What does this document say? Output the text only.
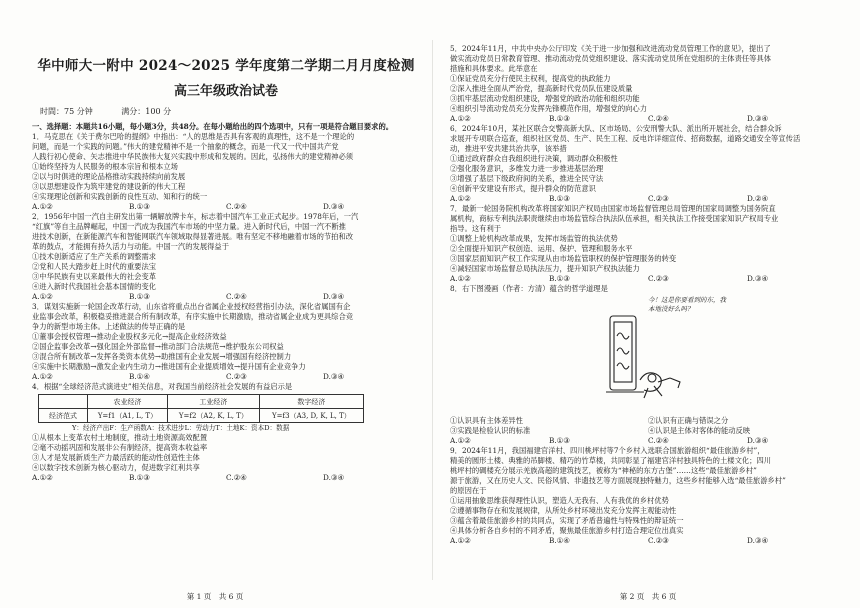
华中师大一附中 2024～2025 学年度第二学期二月月度检测
高三年级政治试卷
时間：75 分钟	满分：100 分
一、选择题：本题共16小题，每小题3分，共48分。在每小题给出的四个选项中，只有一项是符合题目要求的。

1．马克思在《关于费尔巴哈的提纲》中指出：“人的思维是否具有客观的真理性，这不是一个理论的

问题，而是一个实践的问题。”伟大的建党精神不是一个抽象的概念，而是一代又一代中国共产党

人践行初心使命、矢志推进中华民族伟大复兴实践中形成和发展的。因此，弘扬伟大的建党精神必须

①始终坚持为人民服务的根本宗旨和根本立场

②以与时俱进的理论品格推动实践持续向前发展

③以思想建设作为筑牢建党的建设新的伟大工程

④实现理论创新和实践创新的良性互动、知和行的统一

A.①②	B.①③	C.②④	D.③④

2．1956年中国一汽自主研发出第一辆解放牌卡车，标志着中国汽车工业正式起步。1978年后，一汽

“红旗”等自主品牌崛起，中国一汽成为我国汽车市场的中坚力量。进入新时代后，中国一汽不断推

进技术创新，在新能源汽车和智能网联汽车领域取得显著进展。唯有坚定不移地融着市场的节拍和改

革的鼓点，才能拥有持久活力与动能。中国一汽的发展得益于

①技术创新适应了生产关系的调整需求

②党和人民大踏步赶上时代的重要法宝

③中华民族有史以来最伟大的社会变革

④进入新时代我国社会基本国情的变化

A.①②	B.①③	C.②④	D.③④

3．谋划实施新一轮国企改革行动，山东省将重点出台省属企业授权经营指引办法，深化省属国有企

业监事会改革，积极稳妥推进混合所有制改革，有序实施中长期激励，推动省属企业成为更具综合竞

争力的新型市场主体。上述做法的传导正确的是

①董事会授权管理→推动企业股权多元化→提高企业经济效益

②国企监事会改革→强化国企外部监督→推动部门合法规范→维护股东公司权益

③混合所有制改革→发挥各类资本优势→助推国有企业发展→增强国有经济控制力

④实施中长期激励→激发企业内生动力→推进国有企业提质增效→提升国有企业竞争力

A.①②	B.①④	C.②③	D.③④

4．根据“全球经济范式演进史”相关信息，对我国当前经济社会发展的有益启示是

	农业经济	工业经济	数字经济
经济范式	Y=f1（A1, L, T）	Y=f2（A2, K, L, T）	Y=f3（A3, D, K, L, T）
Y：经济产出F：生产函数A：技术进步L：劳动力T：土地K：资本D：数据

①从根本上变革农村土地制度，推动土地资源高效配置

②毫不动摇巩固和发展非公有制经济，提高资本收益率

③人才是发展新质生产力最活跃的能动性创造性主体

④以数字技术创新为核心驱动力，促进数字红利共享

A.①②	B.①③	C.②④	D.③④
第 1 页　共 6 页

5．2024年11月，中共中央办公厅印发《关于进一步加强和改进流动党员管理工作的意见》，提出了

做实流动党员日常教育管理、推动流动党员党组织建设、落实流动党员所在党组织的主体责任等具体

措施和具体要求。此举意在

①保证党员充分行使民主权利，提高党的执政能力

②深入推进全面从严治党，提高新时代党员队伍建设质量

③抓牢基层流动党组织建设，增强党的政治功能和组织功能

④组织引导流动党员充分发挥先锋模范作用，增强党的向心力

A.①②	B.①③	C.②④	D.③④

6．2024年10月，某社区联合交警高新大队、区市场局、公安刑警大队、派出所开展社会，结合群众诉

求展开专项联合巡查，组织社区党员、生产、民生工程、反电诈详细宣传、招商数据，道路交通安全等宣传活

动，推进平安共建共治共享，该举措

①通过政府群众自我组织进行决策，调动群众积极性

②强化服务意识，多维发力进一步推进基层治理

③增强了基层下级政府间的关系，推进全民守法

④创新平安建设有形式，提升群众的防范意识

A.①②	B.①③	C.②③	D.②④

7．最新一轮国务院机构改革将国家知识产权局由国家市场监督管理总局管理的国家局调整为国务院直

属机构，商标专利执法职责继续由市场监管综合执法队伍承担，相关执法工作接受国家知识产权局专业

指导。这有利于

①调整上轮机构改革成果，发挥市场监管的执法优势

②全面提升知识产权创造、运用、保护、管理和服务水平

③国家层面知识产权工作实现从由市场监管职权的保护管理服务的转变

④减轻国家市场监督总局执法压力，提升知识产权执法能力

A.①②	B.①③	C.②③	D.③④

8．右下图漫画（作者：方清）蕴含的哲学道理是

今！这是你要看到的东，我本地没好么吗？
①认识具有主体差异性	②认识有正确与错误之分
③实践是检验认识的标准	④认识是主体对客体的能动反映
A.①②	B.①③	C.②④	D.③④

9．2024年11月，我国福建官洋村、四川桃坪村等7个乡村入选联合国旅游组织“最佳旅游乡村”，

精美的圆形土楼、典雅的吊脚楼、精巧的竹草楼，共同彰显了福建官洋村独具特色的土楼文化；四川

桃坪村的碉楼充分展示羌族高超的建筑技艺，被称为“神秘的东方古堡”……这些“最佳旅游乡村”

源于旅游，又在历史人文、民俗风情、非遗技艺等方面展现独特魅力，这些乡村能够入选“最佳旅游乡村”

的原因在于

①运用抽象思维获得理性认识，塑造人无我有、人有我优的乡村优势

②遵循事物存在和发展规律，从所处乡村环境出发充分发挥主观能动性

③蕴含着最佳旅游乡村的共同点，实现了矛盾普遍性与特殊性的辩证统一

④具体分析各自乡村的不同矛盾，聚焦最佳旅游乡村打造合理定位出真实

A.①②	B.①④	C.②③	D.③④
第 2 页　共 6 页
